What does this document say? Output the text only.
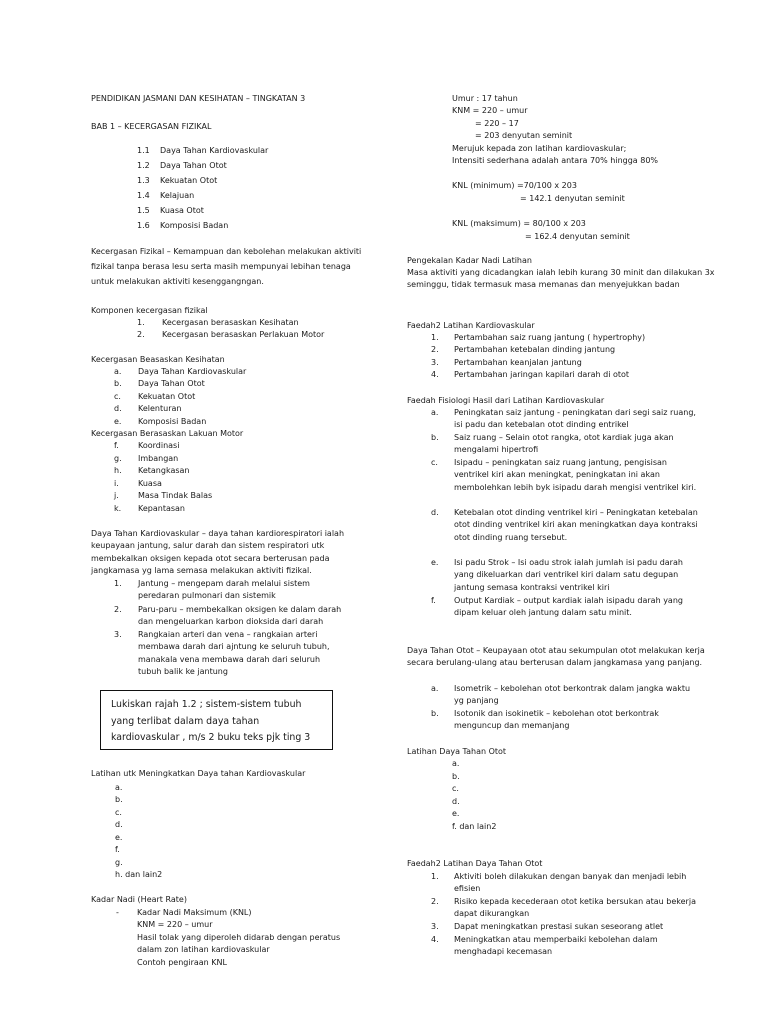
PENDIDIKAN JASMANI DAN KESIHATAN – TINGKATAN 3
BAB 1 – KECERGASAN FIZIKAL
1.1 Daya Tahan Kardiovaskular
1.2 Daya Tahan Otot
1.3 Kekuatan Otot
1.4 Kelajuan
1.5 Kuasa Otot
1.6 Komposisi Badan
Kecergasan Fizikal – Kemampuan dan kebolehan melakukan aktiviti fizikal tanpa berasa lesu serta masih mempunyai lebihan tenaga untuk melakukan aktiviti kesenggangngan.
Komponen kecergasan fizikal
1. Kecergasan berasaskan Kesihatan
2. Kecergasan berasaskan Perlakuan Motor
Kecergasan Beasaskan Kesihatan
a. Daya Tahan Kardiovaskular
b. Daya Tahan Otot
c. Kekuatan Otot
d. Kelenturan
e. Komposisi Badan
Kecergasan Berasaskan Lakuan Motor
f. Koordinasi
g. Imbangan
h. Ketangkasan
i. Kuasa
j. Masa Tindak Balas
k. Kepantasan
Daya Tahan Kardiovaskular – daya tahan kardiorespiratori ialah keupayaan jantung, salur darah dan sistem respiratori utk membekalkan oksigen kepada otot secara berterusan pada jangkamasa yg lama semasa melakukan aktiviti fizikal.
1. Jantung – mengepam darah melalui sistem peredaran pulmonari dan sistemik
2. Paru-paru – membekalkan oksigen ke dalam darah dan mengeluarkan karbon dioksida dari darah
3. Rangkaian arteri dan vena – rangkaian arteri membawa darah dari ajntung ke seluruh tubuh, manakala vena membawa darah dari seluruh tubuh balik ke jantung
Lukiskan rajah 1.2 ; sistem-sistem tubuh yang terlibat dalam daya tahan kardiovaskular , m/s 2 buku teks pjk ting 3
Latihan utk Meningkatkan Daya tahan Kardiovaskular
a.
b.
c.
d.
e.
f.
g.
h. dan lain2
Kadar Nadi (Heart Rate)
- Kadar Nadi Maksimum (KNL)
KNM = 220 – umur
Hasil tolak yang diperoleh didarab dengan peratus dalam zon latihan kardiovaskular
Contoh pengiraan KNL
Umur : 17 tahun
KNM = 220 – umur
= 220 – 17
= 203 denyutan seminit
Merujuk kepada zon latihan kardiovaskular;
Intensiti sederhana adalah antara 70% hingga 80%
KNL (minimum) =70/100 x 203
= 142.1 denyutan seminit
KNL (maksimum) = 80/100 x 203
= 162.4 denyutan seminit
Pengekalan Kadar Nadi Latihan
Masa aktiviti yang dicadangkan ialah lebih kurang 30 minit dan dilakukan 3x seminggu, tidak termasuk masa memanas dan menyejukkan badan
Faedah2 Latihan Kardiovaskular
1. Pertambahan saiz ruang jantung ( hypertrophy)
2. Pertambahan ketebalan dinding jantung
3. Pertambahan keanjalan jantung
4. Pertambahan jaringan kapilari darah di otot
Faedah Fisiologi Hasil dari Latihan Kardiovaskular
a. Peningkatan saiz jantung - peningkatan dari segi saiz ruang, isi padu dan ketebalan otot dinding entrikel
b. Saiz ruang – Selain otot rangka, otot kardiak juga akan mengalami hipertrofi
c. Isipadu – peningkatan saiz ruang jantung, pengisisan ventrikel kiri akan meningkat, peningkatan ini akan membolehkan lebih byk isipadu darah mengisi ventrikel kiri.
d. Ketebalan otot dinding ventrikel kiri – Peningkatan ketebalan otot dinding ventrikel kiri akan meningkatkan daya kontraksi otot dinding ruang tersebut.
e. Isi padu Strok – Isi oadu strok ialah jumlah isi padu darah yang dikeluarkan dari ventrikel kiri dalam satu degupan jantung semasa kontraksi ventrikel kiri
f. Output Kardiak – output kardiak ialah isipadu darah yang dipam keluar oleh jantung dalam satu minit.
Daya Tahan Otot – Keupayaan otot atau sekumpulan otot melakukan kerja secara berulang-ulang atau berterusan dalam jangkamasa yang panjang.
a. Isometrik – kebolehan otot berkontrak dalam jangka waktu yg panjang
b. Isotonik dan isokinetik – kebolehan otot berkontrak menguncup dan memanjang
Latihan Daya Tahan Otot
a.
b.
c.
d.
e.
f. dan lain2
Faedah2 Latihan Daya Tahan Otot
1. Aktiviti boleh dilakukan dengan banyak dan menjadi lebih efisien
2. Risiko kepada kecederaan otot ketika bersukan atau bekerja dapat dikurangkan
3. Dapat meningkatkan prestasi sukan seseorang atlet
4. Meningkatkan atau memperbaiki kebolehan dalam menghadapi kecemasan
